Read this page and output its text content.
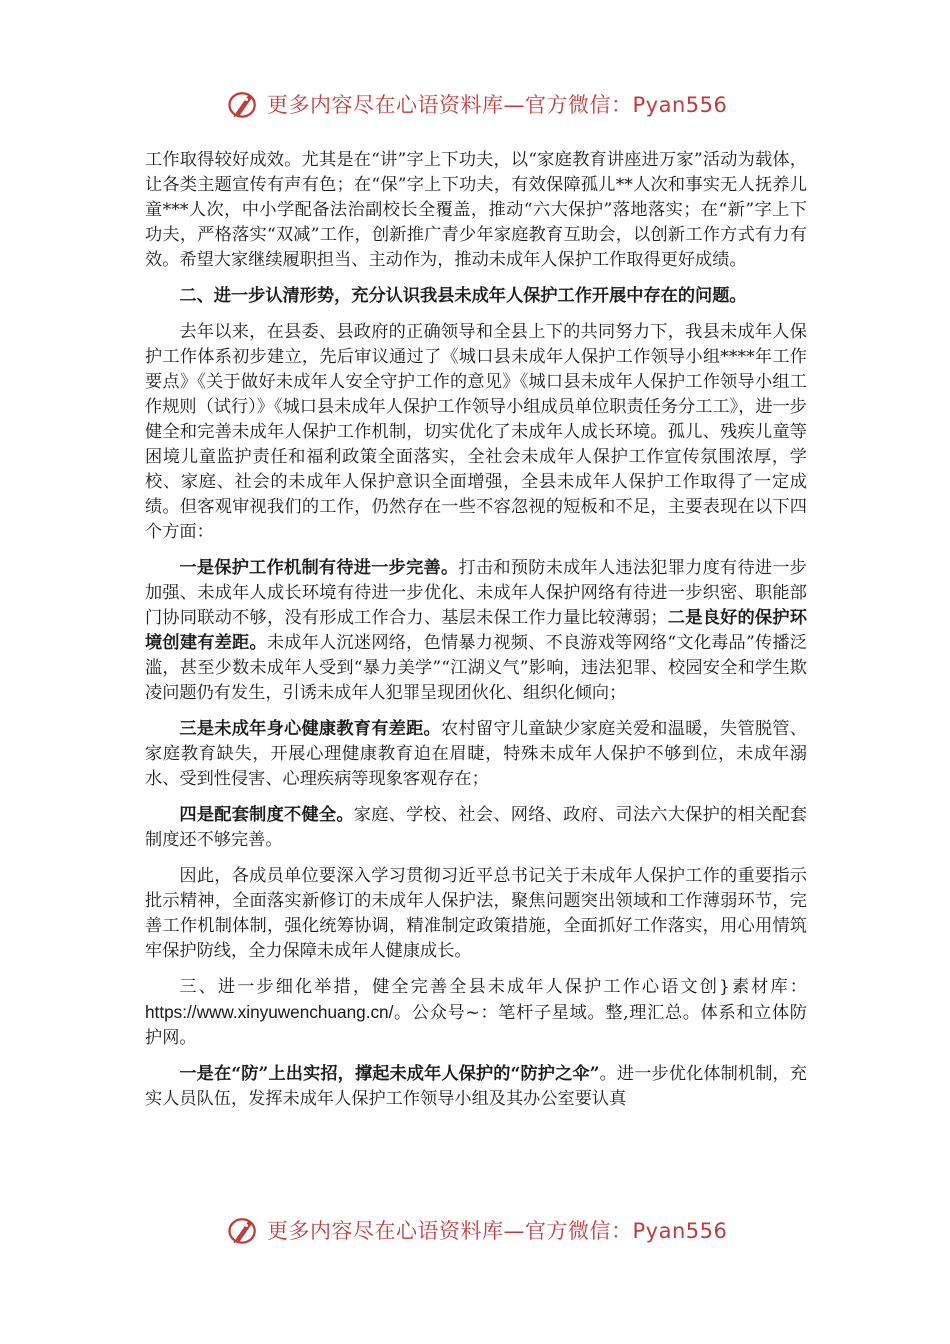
更多内容尽在心语资料库—官方微信：Pyan556

工作取得较好成效。尤其是在“讲”字上下功夫，以“家庭教育讲座进万家”活动为载体，让各类主题宣传有声有色；在“保”字上下功夫，有效保障孤儿**人次和事实无人抚养儿童***人次，中小学配备法治副校长全覆盖，推动“六大保护”落地落实；在“新”字上下功夫，严格落实“双减”工作，创新推广青少年家庭教育互助会，以创新工作方式有力有效。希望大家继续履职担当、主动作为，推动未成年人保护工作取得更好成绩。

二、进一步认清形势，充分认识我县未成年人保护工作开展中存在的问题。

去年以来，在县委、县政府的正确领导和全县上下的共同努力下，我县未成年人保护工作体系初步建立，先后审议通过了《城口县未成年人保护工作领导小组****年工作要点》《关于做好未成年人安全守护工作的意见》《城口县未成年人保护工作领导小组工作规则（试行）》《城口县未成年人保护工作领导小组成员单位职责任务分工工》，进一步健全和完善未成年人保护工作机制，切实优化了未成年人成长环境。孤儿、残疾儿童等困境儿童监护责任和福利政策全面落实，全社会未成年人保护工作宣传氛围浓厚，学校、家庭、社会的未成年人保护意识全面增强，全县未成年人保护工作取得了一定成绩。但客观审视我们的工作，仍然存在一些不容忽视的短板和不足，主要表现在以下四个方面：

一是保护工作机制有待进一步完善。打击和预防未成年人违法犯罪力度有待进一步加强、未成年人成长环境有待进一步优化、未成年人保护网络有待进一步织密、职能部门协同联动不够，没有形成工作合力、基层未保工作力量比较薄弱；二是良好的保护环境创建有差距。未成年人沉迷网络，色情暴力视频、不良游戏等网络“文化毒品”传播泛滥，甚至少数未成年人受到“暴力美学”“江湖义气”影响，违法犯罪、校园安全和学生欺凌问题仍有发生，引诱未成年人犯罪呈现团伙化、组织化倾向；

三是未成年身心健康教育有差距。农村留守儿童缺少家庭关爱和温暖，失管脱管、家庭教育缺失，开展心理健康教育迫在眉睫，特殊未成年人保护不够到位，未成年溺水、受到性侵害、心理疾病等现象客观存在；

四是配套制度不健全。家庭、学校、社会、网络、政府、司法六大保护的相关配套制度还不够完善。

因此，各成员单位要深入学习贯彻习近平总书记关于未成年人保护工作的重要指示批示精神，全面落实新修订的未成年人保护法，聚焦问题突出领域和工作薄弱环节，完善工作机制体制，强化统筹协调，精准制定政策措施，全面抓好工作落实，用心用情筑牢保护防线，全力保障未成年人健康成长。

三、进一步细化举措，健全完善全县未成年人保护工作心语文创}素材库：https://www.xinyuwenchuang.cn/。公众号~：笔杆子星域。整,理汇总。体系和立体防护网。

一是在“防”上出实招，撑起未成年人保护的“防护之伞”。进一步优化体制机制，充实人员队伍，发挥未成年人保护工作领导小组及其办公室要认真

更多内容尽在心语资料库—官方微信：Pyan556
